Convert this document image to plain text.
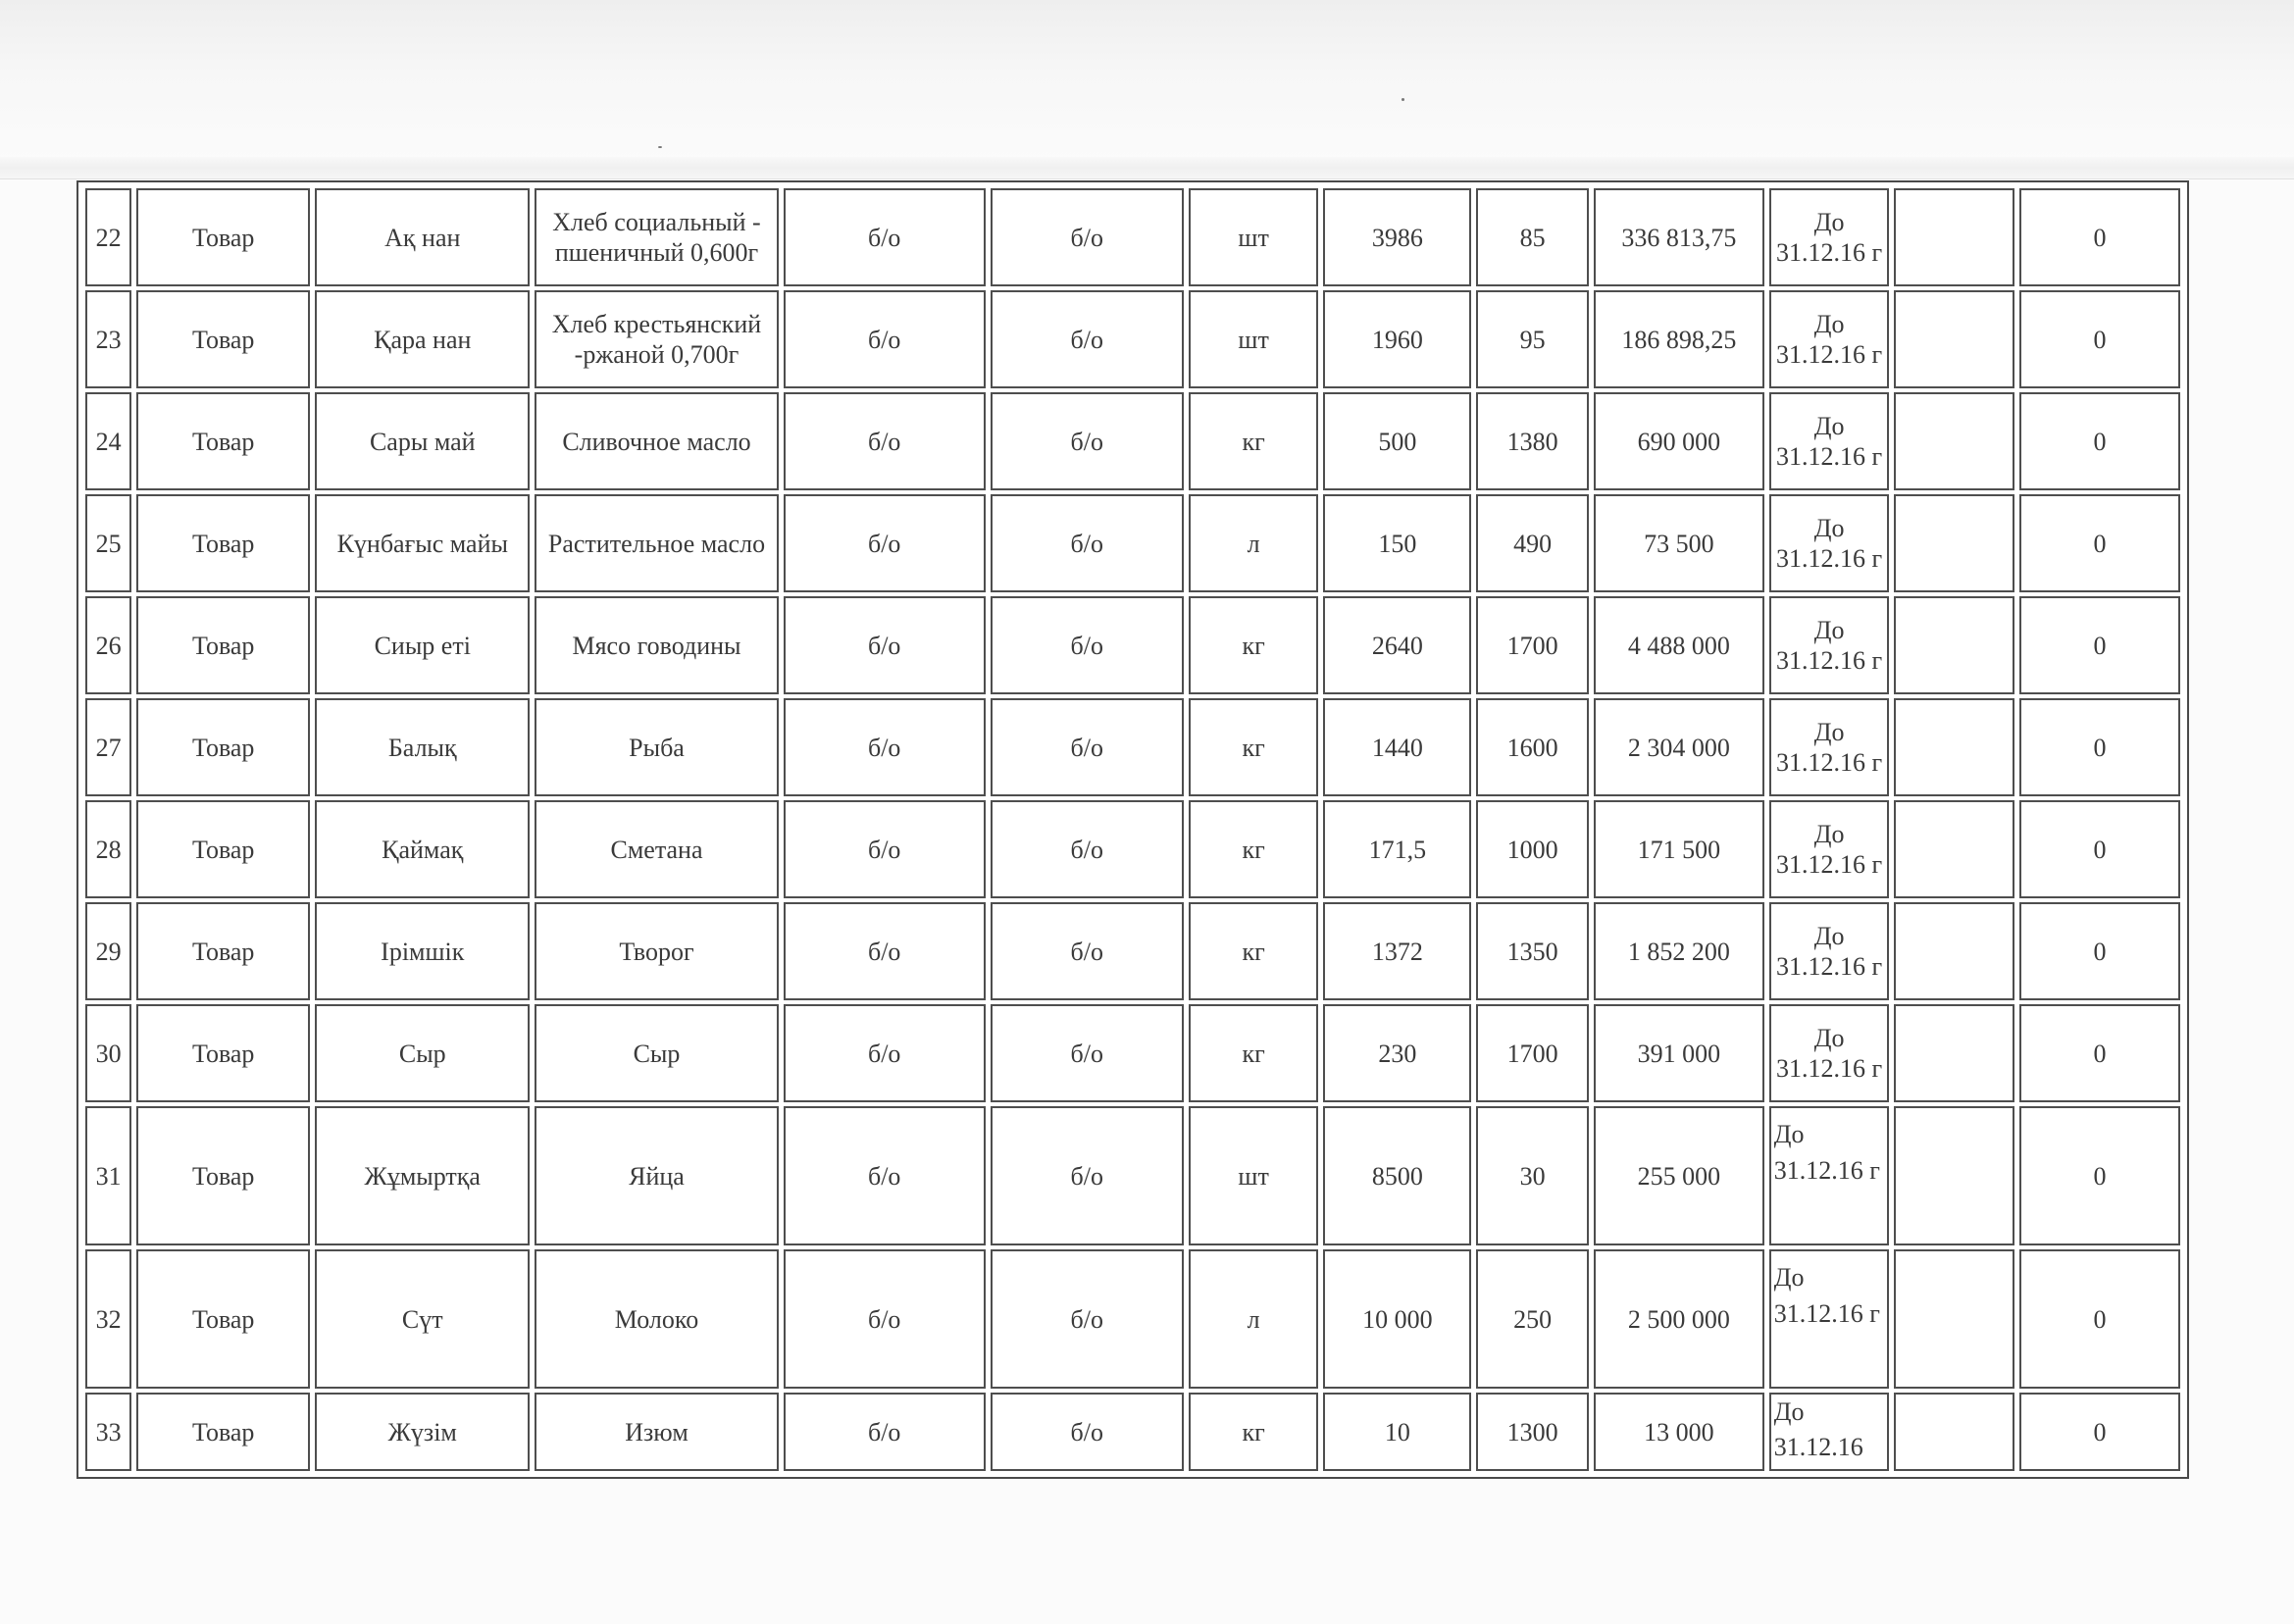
22	Товар	Ақ нан	Хлеб социальный - пшеничный 0,600г	б/о	б/о	шт	3986	85	336 813,75	До 31.12.16 г		0
23	Товар	Қара нан	Хлеб крестьянский -ржаной 0,700г	б/о	б/о	шт	1960	95	186 898,25	До 31.12.16 г		0
24	Товар	Сары май	Сливочное масло	б/о	б/о	кг	500	1380	690 000	До 31.12.16 г		0
25	Товар	Күнбағыс майы	Растительное масло	б/о	б/о	л	150	490	73 500	До 31.12.16 г		0
26	Товар	Сиыр еті	Мясо говодины	б/о	б/о	кг	2640	1700	4 488 000	До 31.12.16 г		0
27	Товар	Балық	Рыба	б/о	б/о	кг	1440	1600	2 304 000	До 31.12.16 г		0
28	Товар	Қаймақ	Сметана	б/о	б/о	кг	171,5	1000	171 500	До 31.12.16 г		0
29	Товар	Ірімшік	Творог	б/о	б/о	кг	1372	1350	1 852 200	До 31.12.16 г		0
30	Товар	Сыр	Сыр	б/о	б/о	кг	230	1700	391 000	До 31.12.16 г		0
31	Товар	Жұмыртқа	Яйца	б/о	б/о	шт	8500	30	255 000	До 31.12.16 г		0
32	Товар	Сүт	Молоко	б/о	б/о	л	10 000	250	2 500 000	До 31.12.16 г		0
33	Товар	Жүзім	Изюм	б/о	б/о	кг	10	1300	13 000	До 31.12.16		0
